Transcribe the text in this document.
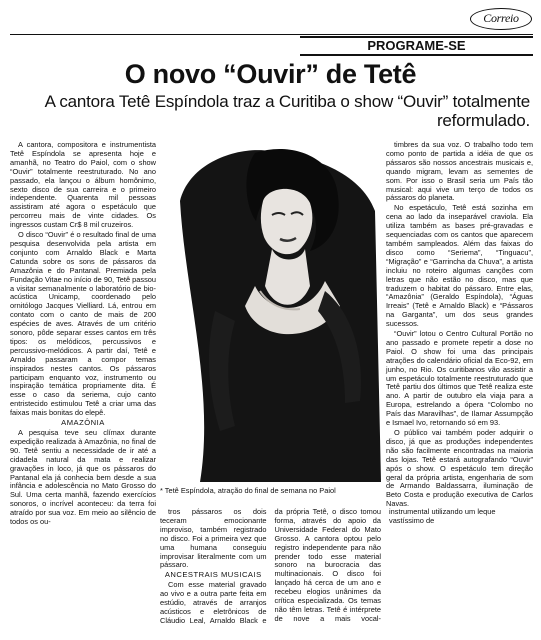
Correio
PROGRAME-SE
O novo “Ouvir” de Tetê
A cantora Tetê Espíndola traz a Curitiba o show “Ouvir” totalmente reformulado.

A cantora, compositora e instrumentista Tetê Espíndola se apresenta hoje e amanhã, no Teatro do Paiol, com o show “Ouvir” totalmente reestruturado. No ano passado, ela lançou o álbum homônimo, sexto disco de sua carreira e o primeiro independente. Quarenta mil pessoas assistiram até agora o espetáculo que percorreu mais de vinte cidades. Os ingressos custam Cr$ 8 mil cruzeiros.

O disco “Ouvir” é o resultado final de uma pesquisa desenvolvida pela artista em conjunto com Arnaldo Black e Marta Catunda sobre os sons de pássaros da Amazônia e do Pantanal. Premiada pela Fundação Vitae no início de 90, Tetê passou a visitar semanalmente o laboratório de bio-acústica Unicamp, coordenado pelo ornitólogo Jacques Vielliard. Lá, entrou em contato com o canto de mais de 200 espécies de aves. Através de um critério sonoro, pôde separar esses cantos em três tipos: os melódicos, percussivos e percussivo-melódicos. A partir daí, Tetê e Arnaldo passaram a compor temas inspirados nestes cantos. Os pássaros participam enquanto voz, instrumento ou inspiração temática propriamente dita. É esse o caso da seriema, cujo canto entristecido estimulou Tetê a criar uma das faixas mais bonitas do elepê.

AMAZÔNIA

A pesquisa teve seu clímax durante expedição realizada à Amazônia, no final de 90. Tetê sentiu a necessidade de ir até a cidadela natural da mata e realizar gravações in loco, já que os pássaros do Pantanal ela já conhecia bem desde a sua infância e adolescência no Mato Grosso do Sul. Uma certa manhã, fazendo exercícios sonoros, o incrível aconteceu: da terra foi atraído por sua voz. Em meio ao silêncio de todos os ou-

* Tetê Espíndola, atração do final de semana no Paiol

tros pássaros os dois teceram emocionante improviso, também registrado no disco. Foi a primeira vez que uma humana conseguiu improvisar literalmente com um pássaro.

ANCESTRAIS MUSICAIS

Com esse material gravado ao vivo e a outra parte feita em estúdio, através de arranjos acústicos e eletrônicos de Cláudio Leal, Arnaldo Black e da própria Tetê, o disco tomou forma, através do apoio da Universidade Federal do Mato Grosso. A cantora optou pelo registro independente para não prender todo esse material sonoro na burocracia das multinacionais. O disco foi lançado há cerca de um ano e recebeu elogios unânimes da crítica especializada. Os temas não têm letras. Tetê é intérprete de nove a mais vocal-instrumental utilizando um leque vastíssimo de

timbres da sua voz. O trabalho todo tem como ponto de partida a idéia de que os pássaros são nossos ancestrais musicais e, quando migram, levam as sementes de som. Por isso o Brasil seria um País tão musical: aqui vive um terço de todos os pássaros do planeta.

No espetáculo, Tetê está sozinha em cena ao lado da inseparável craviola. Ela utiliza também as bases pré-gravadas e sequenciadas com os cantos que aparecem também sampleados. Além das faixas do disco como “Seriema”, “Tinguacu”, “Migração” e “Garrincha da Chuva”, a artista incluiu no roteiro algumas canções com letras que não estão no disco, mas que traduzem o habitat do pássaro. Entre elas, “Amazônia” (Geraldo Espíndola), “Águas Irreais” (Tetê e Arnaldo Black) e “Pássaros na Garganta”, um dos seus grandes sucessos.

“Ouvir” lotou o Centro Cultural Portão no ano passado e promete repetir a dose no Paiol. O show foi uma das principais atrações do calendário oficial da Eco-92, em junho, no Rio. Os curitibanos vão assistir a um espetáculo totalmente reestruturado que Tetê partiu dos últimos que Tetê realiza este ano. A partir de outubro ela viaja para a Europa, estrelando a ópera “Colombo no País das Maravilhas”, de Ilamar Assumpção e Ismael Ivo, retornando só em 93.

O público vai também poder adquirir o disco, já que as produções independentes não são facilmente encontradas na maioria das lojas. Tetê estará autografando “Ouvir” após o show. O espetáculo tem direção geral da própria artista, engenharia de som de Armando Baldassarra, iluminação de Beto Costa e produção executiva de Carlos Navas.
